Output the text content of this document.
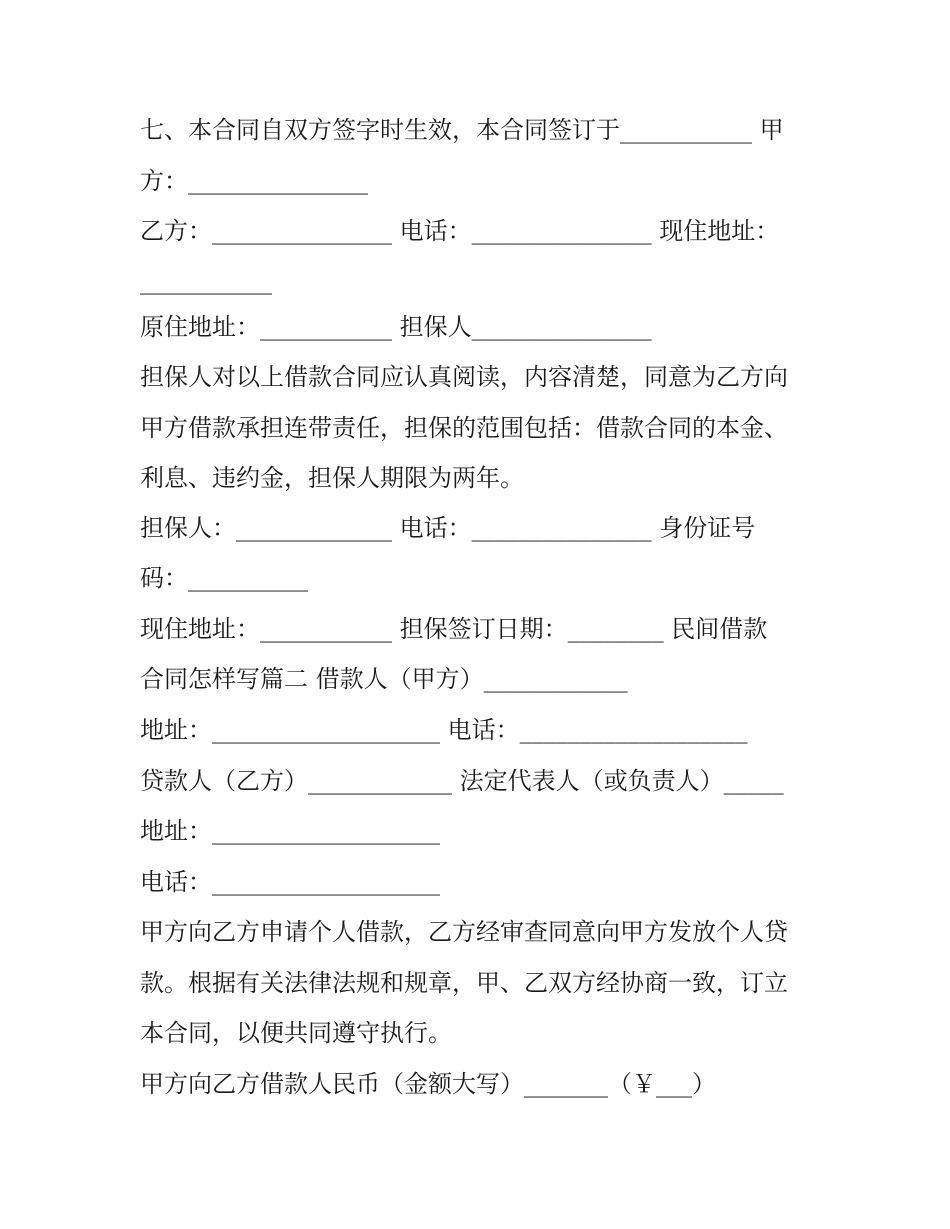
七、本合同自双方签字时生效，本合同签订于___________ 甲
方：_______________
乙方：_______________ 电话：_______________ 现住地址：
___________
原住地址：___________ 担保人_______________
担保人对以上借款合同应认真阅读，内容清楚，同意为乙方向
甲方借款承担连带责任，担保的范围包括：借款合同的本金、
利息、违约金，担保人期限为两年。
担保人：_____________ 电话：_______________ 身份证号
码：__________
现住地址：___________ 担保签订日期：________ 民间借款
合同怎样写篇二 借款人（甲方）____________
地址：___________________ 电话：___________________
贷款人（乙方）____________ 法定代表人（或负责人）_____
地址：___________________
电话：___________________
甲方向乙方申请个人借款，乙方经审查同意向甲方发放个人贷
款。根据有关法律法规和规章，甲、乙双方经协商一致，订立
本合同，以便共同遵守执行。
甲方向乙方借款人民币（金额大写）_______（￥___）
